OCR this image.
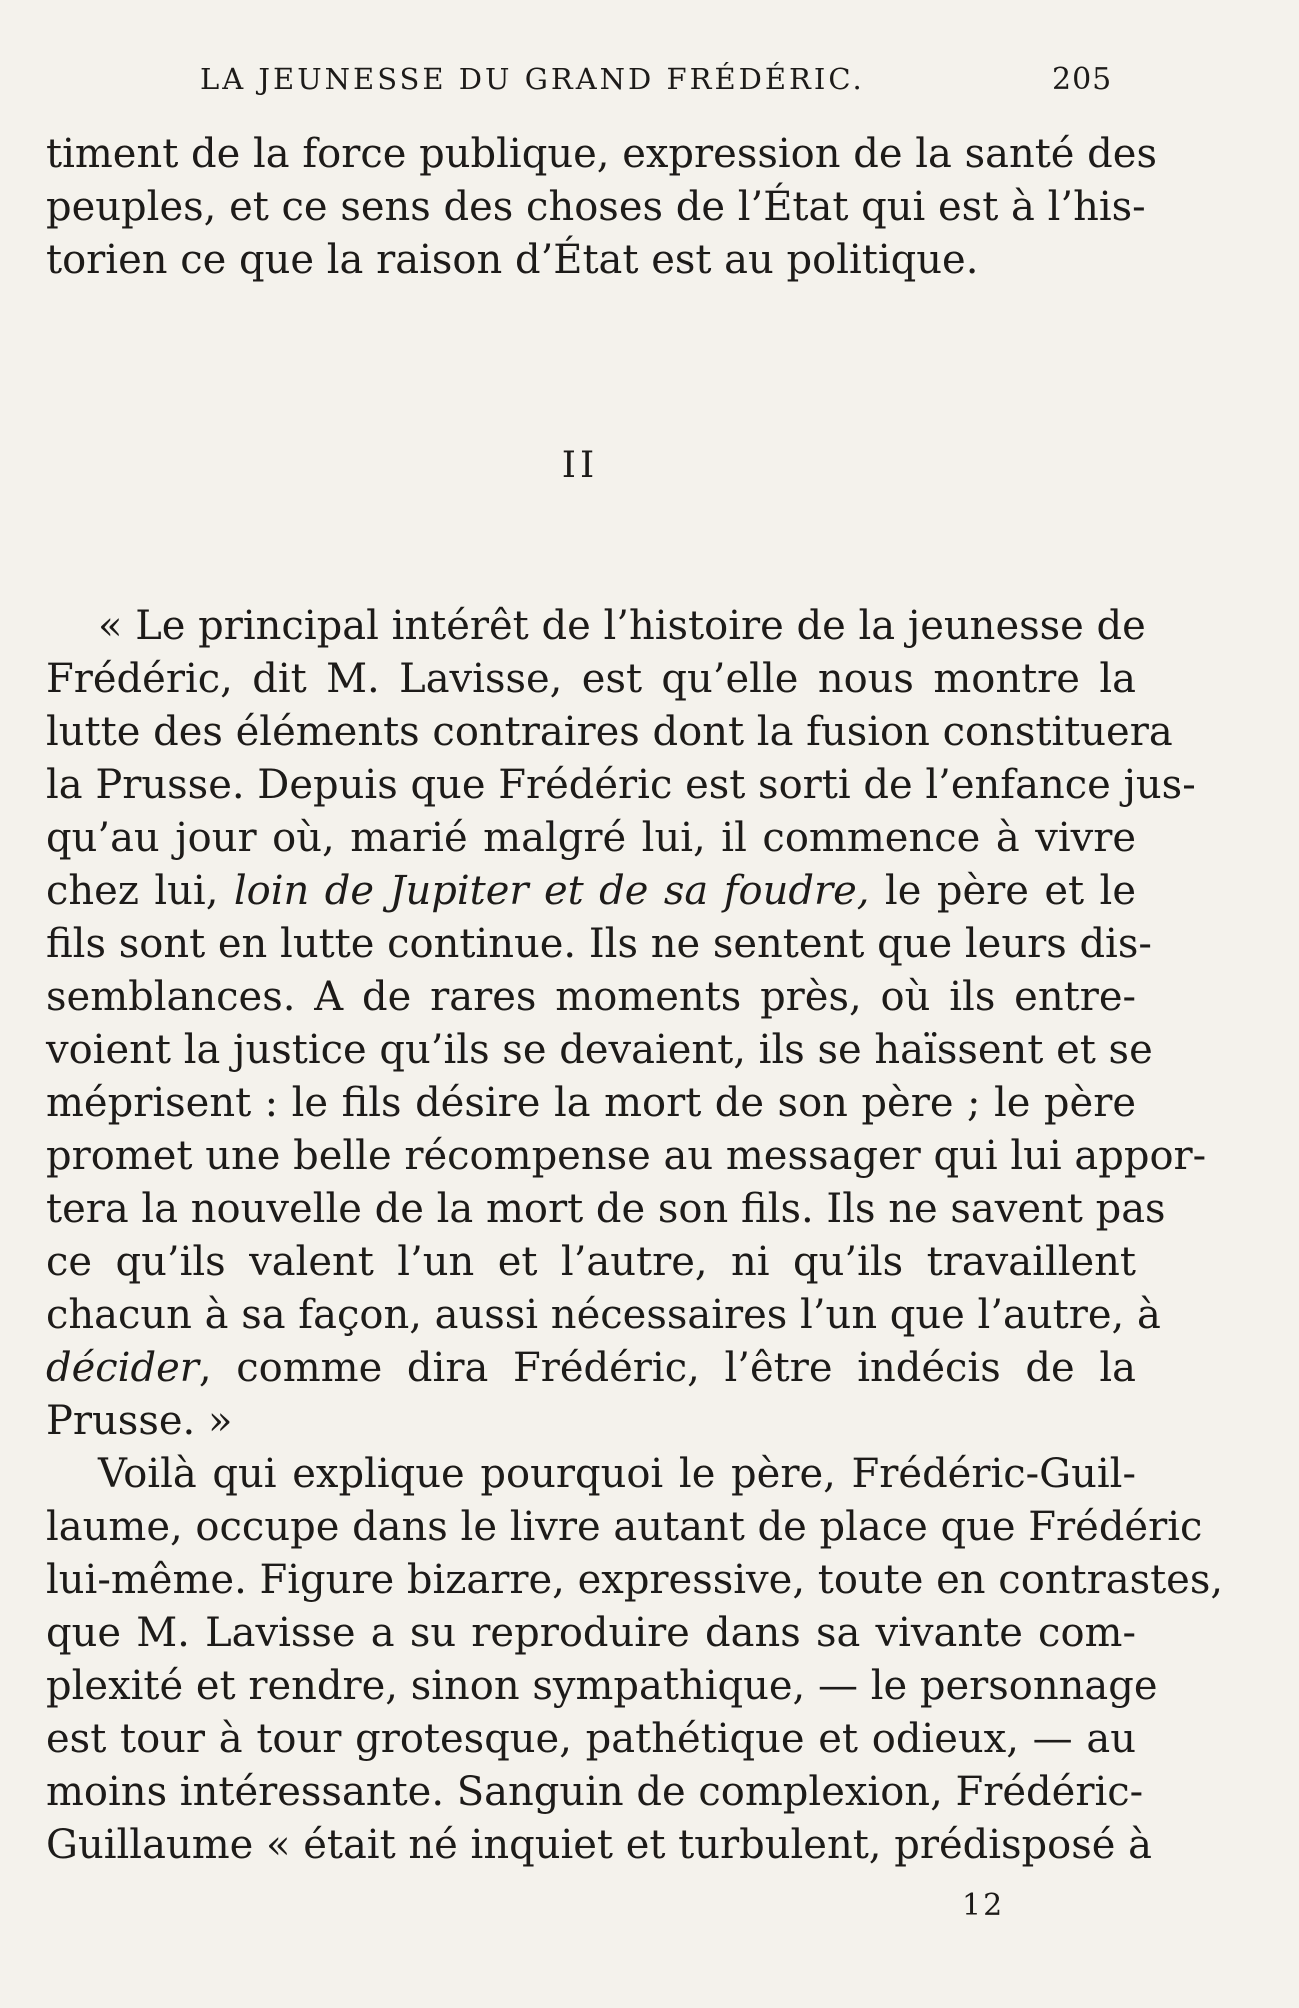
LA JEUNESSE DU GRAND FRÉDÉRIC.	205
timent de la force publique, expression de la santé des
peuples, et ce sens des choses de l’État qui est à l’his-
torien ce que la raison d’État est au politique.
II
« Le principal intérêt de l’histoire de la jeunesse de
Frédéric, dit M. Lavisse, est qu’elle nous montre la
lutte des éléments contraires dont la fusion constituera
la Prusse. Depuis que Frédéric est sorti de l’enfance jus-
qu’au jour où, marié malgré lui, il commence à vivre
chez lui, loin de Jupiter et de sa foudre, le père et le
fils sont en lutte continue. Ils ne sentent que leurs dis-
semblances. A de rares moments près, où ils entre-
voient la justice qu’ils se devaient, ils se haïssent et se
méprisent : le fils désire la mort de son père ; le père
promet une belle récompense au messager qui lui appor-
tera la nouvelle de la mort de son fils. Ils ne savent pas
ce qu’ils valent l’un et l’autre, ni qu’ils travaillent
chacun à sa façon, aussi nécessaires l’un que l’autre, à
décider, comme dira Frédéric, l’être indécis de la
Prusse. »
Voilà qui explique pourquoi le père, Frédéric-Guil-
laume, occupe dans le livre autant de place que Frédéric
lui-même. Figure bizarre, expressive, toute en contrastes,
que M. Lavisse a su reproduire dans sa vivante com-
plexité et rendre, sinon sympathique, — le personnage
est tour à tour grotesque, pathétique et odieux, — au
moins intéressante. Sanguin de complexion, Frédéric-
Guillaume « était né inquiet et turbulent, prédisposé à
12
